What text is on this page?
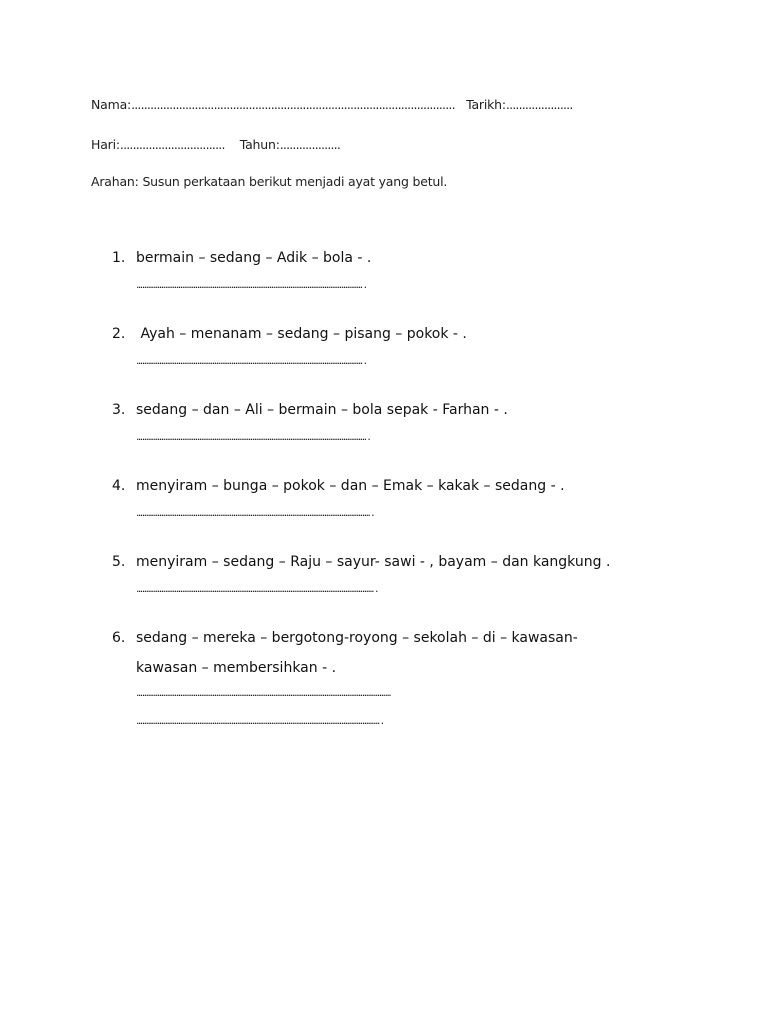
Nama:...................................................................................................... Tarikh:.....................
Hari:................................. Tahun:...................
Arahan: Susun perkataan berikut menjadi ayat yang betul.
1. bermain – sedang – Adik – bola - .
....................................................................................................................... .
2. Ayah – menanam – sedang – pisang – pokok - .
....................................................................................................................... .
3. sedang – dan – Ali – bermain – bola sepak - Farhan - .
......................................................................................................................... .
4. menyiram – bunga – pokok – dan – Emak – kakak – sedang - .
........................................................................................................................... .
5. menyiram – sedang – Raju – sayur- sawi - , bayam – dan kangkung .
............................................................................................................................. .
6. sedang – mereka – bergotong-royong – sekolah – di – kawasan-
kawasan – membersihkan - .
......................................................................................................................................
................................................................................................................................ .
